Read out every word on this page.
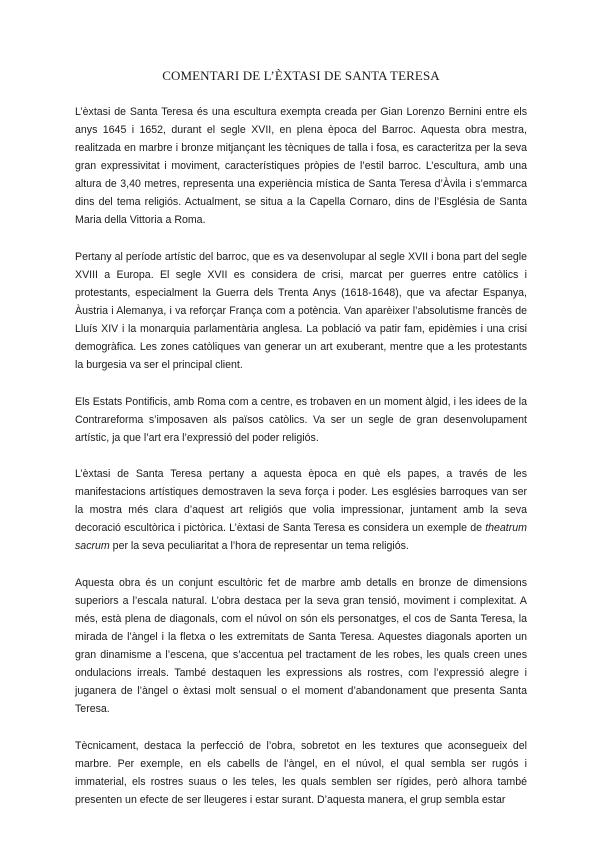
COMENTARI DE L’ÈXTASI DE SANTA TERESA

L’èxtasi de Santa Teresa és una escultura exempta creada per Gian Lorenzo Bernini entre els anys 1645 i 1652, durant el segle XVII, en plena època del Barroc. Aquesta obra mestra, realitzada en marbre i bronze mitjançant les tècniques de talla i fosa, es caracteritza per la seva gran expressivitat i moviment, característiques pròpies de l’estil barroc. L’escultura, amb una altura de 3,40 metres, representa una experiència mística de Santa Teresa d’Àvila i s’emmarca dins del tema religiós. Actualment, se situa a la Capella Cornaro, dins de l’Església de Santa Maria della Vittoria a Roma.

Pertany al període artístic del barroc, que es va desenvolupar al segle XVII i bona part del segle XVIII a Europa. El segle XVII es considera de crisi, marcat per guerres entre catòlics i protestants, especialment la Guerra dels Trenta Anys (1618-1648), que va afectar Espanya, Àustria i Alemanya, i va reforçar França com a potència. Van aparèixer l’absolutisme francès de Lluís XIV i la monarquia parlamentària anglesa. La població va patir fam, epidèmies i una crisi demogràfica. Les zones catòliques van generar un art exuberant, mentre que a les protestants la burgesia va ser el principal client.

Els Estats Pontificis, amb Roma com a centre, es trobaven en un moment àlgid, i les idees de la Contrareforma s’imposaven als països catòlics. Va ser un segle de gran desenvolupament artístic, ja que l’art era l’expressió del poder religiós.

L’èxtasi de Santa Teresa pertany a aquesta època en què els papes, a través de les manifestacions artístiques demostraven la seva força i poder. Les esglésies barroques van ser la mostra més clara d’aquest art religiós que volia impressionar, juntament amb la seva decoració escultòrica i pictòrica. L’èxtasi de Santa Teresa es considera un exemple de theatrum sacrum per la seva peculiaritat a l’hora de representar un tema religiós.

Aquesta obra és un conjunt escultòric fet de marbre amb detalls en bronze de dimensions superiors a l’escala natural. L’obra destaca per la seva gran tensió, moviment i complexitat. A més, està plena de diagonals, com el núvol on són els personatges, el cos de Santa Teresa, la mirada de l’àngel i la fletxa o les extremitats de Santa Teresa. Aquestes diagonals aporten un gran dinamisme a l’escena, que s’accentua pel tractament de les robes, les quals creen unes ondulacions irreals. També destaquen les expressions als rostres, com l’expressió alegre i juganera de l’àngel o èxtasi molt sensual o el moment d’abandonament que presenta Santa Teresa.

Tècnicament, destaca la perfecció de l’obra, sobretot en les textures que aconsegueix del marbre. Per exemple, en els cabells de l’àngel, en el núvol, el qual sembla ser rugós i immaterial, els rostres suaus o les teles, les quals semblen ser rígides, però alhora també presenten un efecte de ser lleugeres i estar surant. D’aquesta manera, el grup sembla estar
